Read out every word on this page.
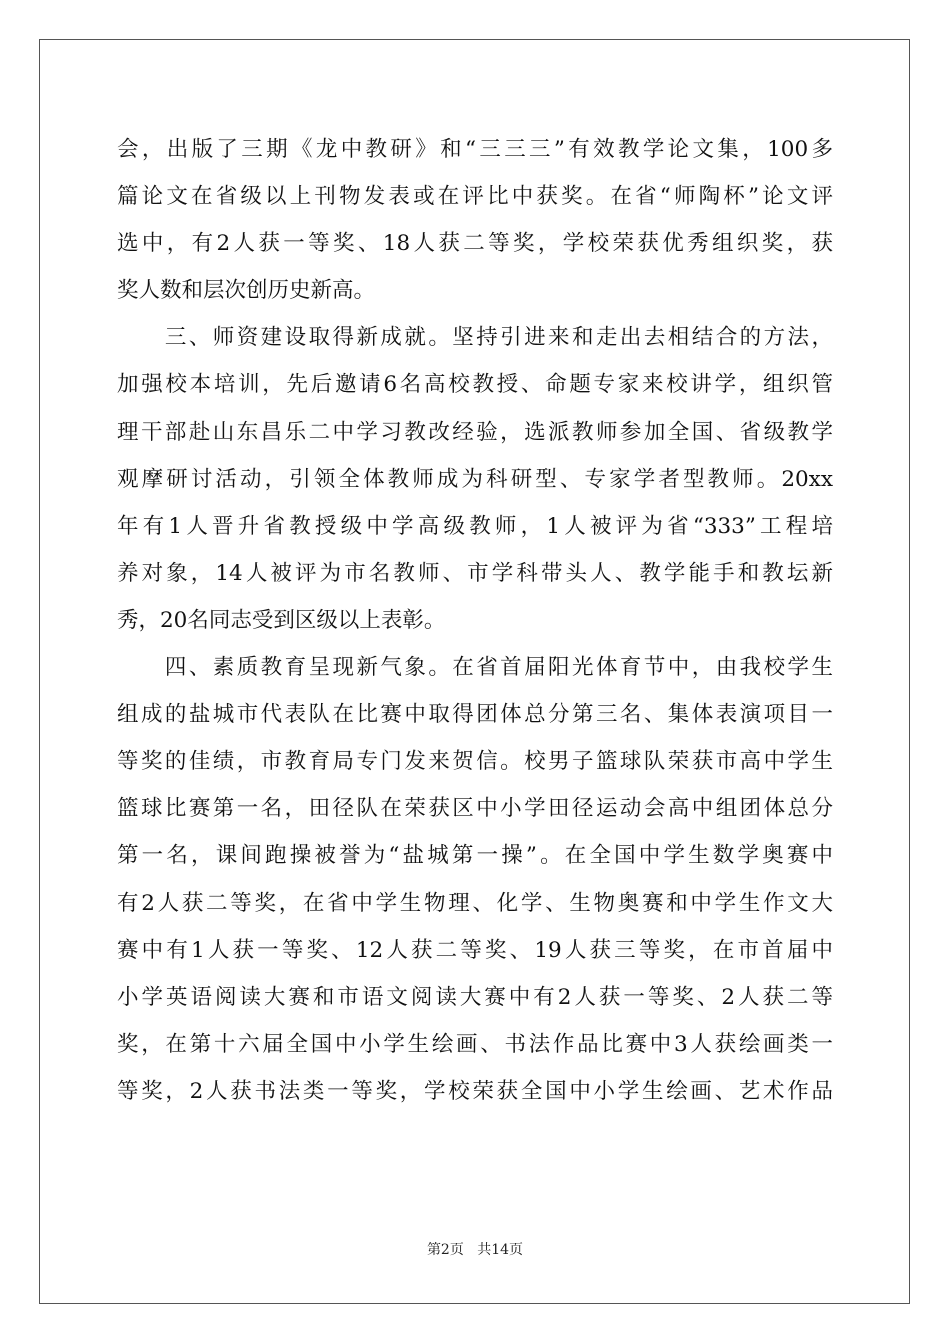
会，出版了三期《龙中教研》和“三三三”有效教学论文集，100多
篇论文在省级以上刊物发表或在评比中获奖。在省“师陶杯”论文评
选中，有2人获一等奖、18人获二等奖，学校荣获优秀组织奖，获
奖人数和层次创历史新高。
　　三、师资建设取得新成就。坚持引进来和走出去相结合的方法，
加强校本培训，先后邀请6名高校教授、命题专家来校讲学，组织管
理干部赴山东昌乐二中学习教改经验，选派教师参加全国、省级教学
观摩研讨活动，引领全体教师成为科研型、专家学者型教师。20xx
年有1人晋升省教授级中学高级教师，1人被评为省“333”工程培
养对象，14人被评为市名教师、市学科带头人、教学能手和教坛新
秀，20名同志受到区级以上表彰。
　　四、素质教育呈现新气象。在省首届阳光体育节中，由我校学生
组成的盐城市代表队在比赛中取得团体总分第三名、集体表演项目一
等奖的佳绩，市教育局专门发来贺信。校男子篮球队荣获市高中学生
篮球比赛第一名，田径队在荣获区中小学田径运动会高中组团体总分
第一名，课间跑操被誉为“盐城第一操”。在全国中学生数学奥赛中
有2人获二等奖，在省中学生物理、化学、生物奥赛和中学生作文大
赛中有1人获一等奖、12人获二等奖、19人获三等奖，在市首届中
小学英语阅读大赛和市语文阅读大赛中有2人获一等奖、2人获二等
奖，在第十六届全国中小学生绘画、书法作品比赛中3人获绘画类一
等奖，2人获书法类一等奖，学校荣获全国中小学生绘画、艺术作品
第2页 共14页
